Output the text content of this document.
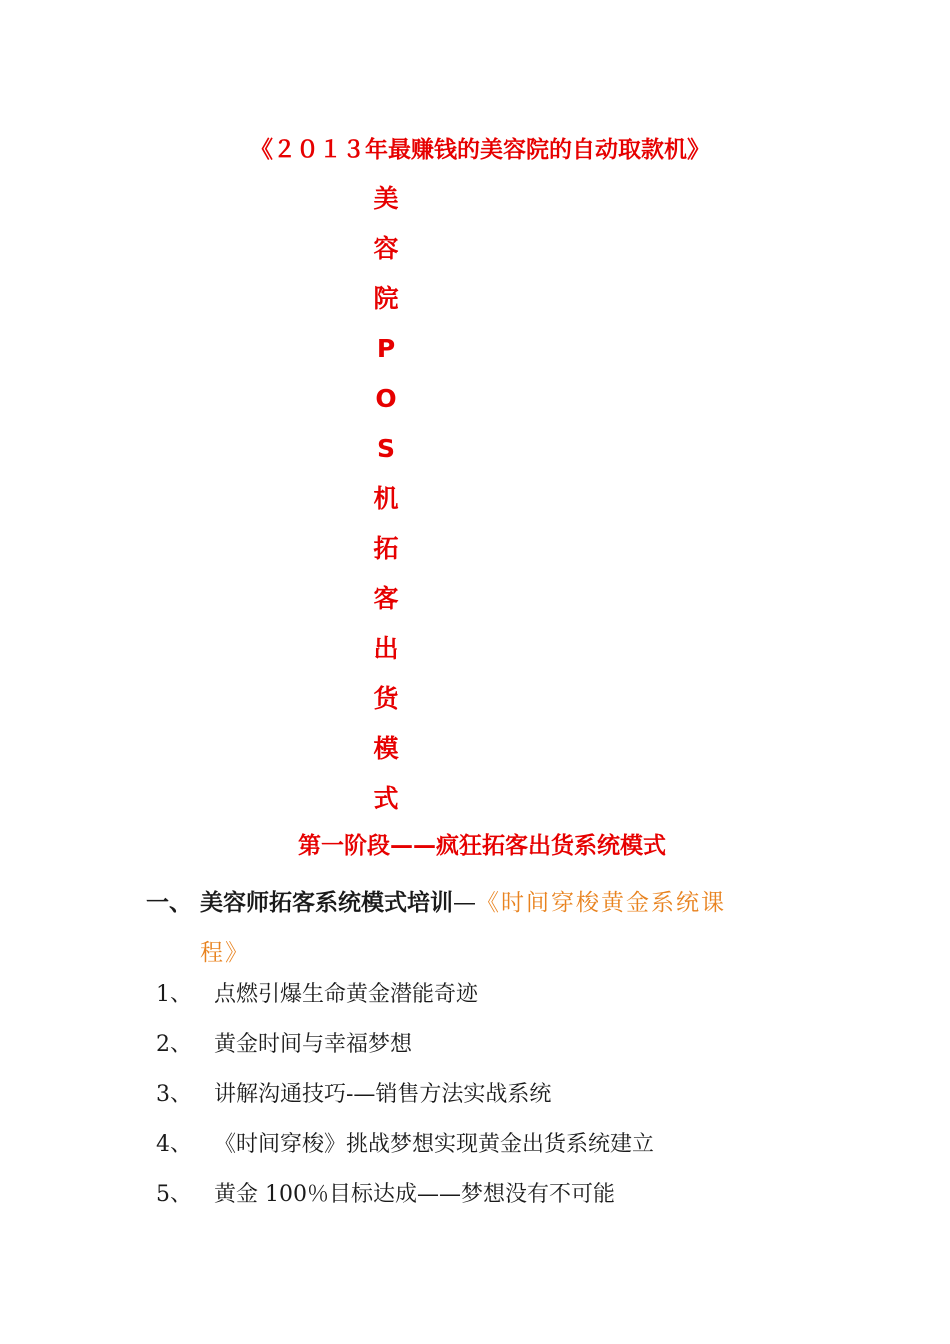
《２０１３年最赚钱的美容院的自动取款机》
美
容
院
P
O
S
机
拓
客
出
货
模
式
第一阶段——疯狂拓客出货系统模式
一、 美容师拓客系统模式培训—《时间穿梭黄金系统课
程》
1、 点燃引爆生命黄金潜能奇迹
2、 黄金时间与幸福梦想
3、 讲解沟通技巧-—销售方法实战系统
4、 《时间穿梭》挑战梦想实现黄金出货系统建立
5、 黄金 100％目标达成——梦想没有不可能
